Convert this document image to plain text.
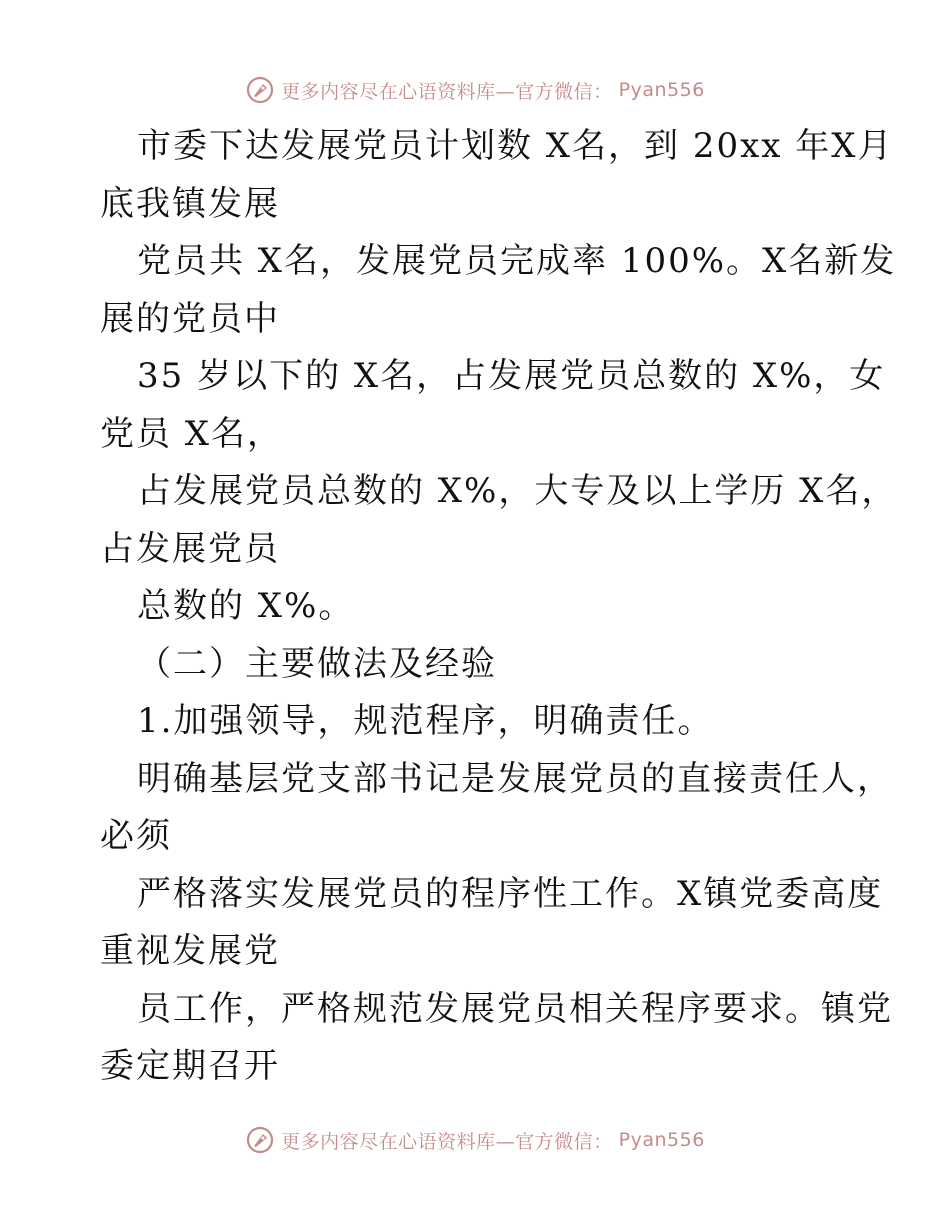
更多内容尽在心语资料库—官方微信： Pyan556
市委下达发展党员计划数 X名，到 20xx 年X月
底我镇发展
党员共 X名，发展党员完成率 100%。X名新发
展的党员中
35 岁以下的 X名，占发展党员总数的 X%，女
党员 X名，
占发展党员总数的 X%，大专及以上学历 X名，
占发展党员
总数的 X%。
（二）主要做法及经验
1.加强领导，规范程序，明确责任。
明确基层党支部书记是发展党员的直接责任人，
必须
严格落实发展党员的程序性工作。X镇党委高度
重视发展党
员工作，严格规范发展党员相关程序要求。镇党
委定期召开
更多内容尽在心语资料库—官方微信： Pyan556
